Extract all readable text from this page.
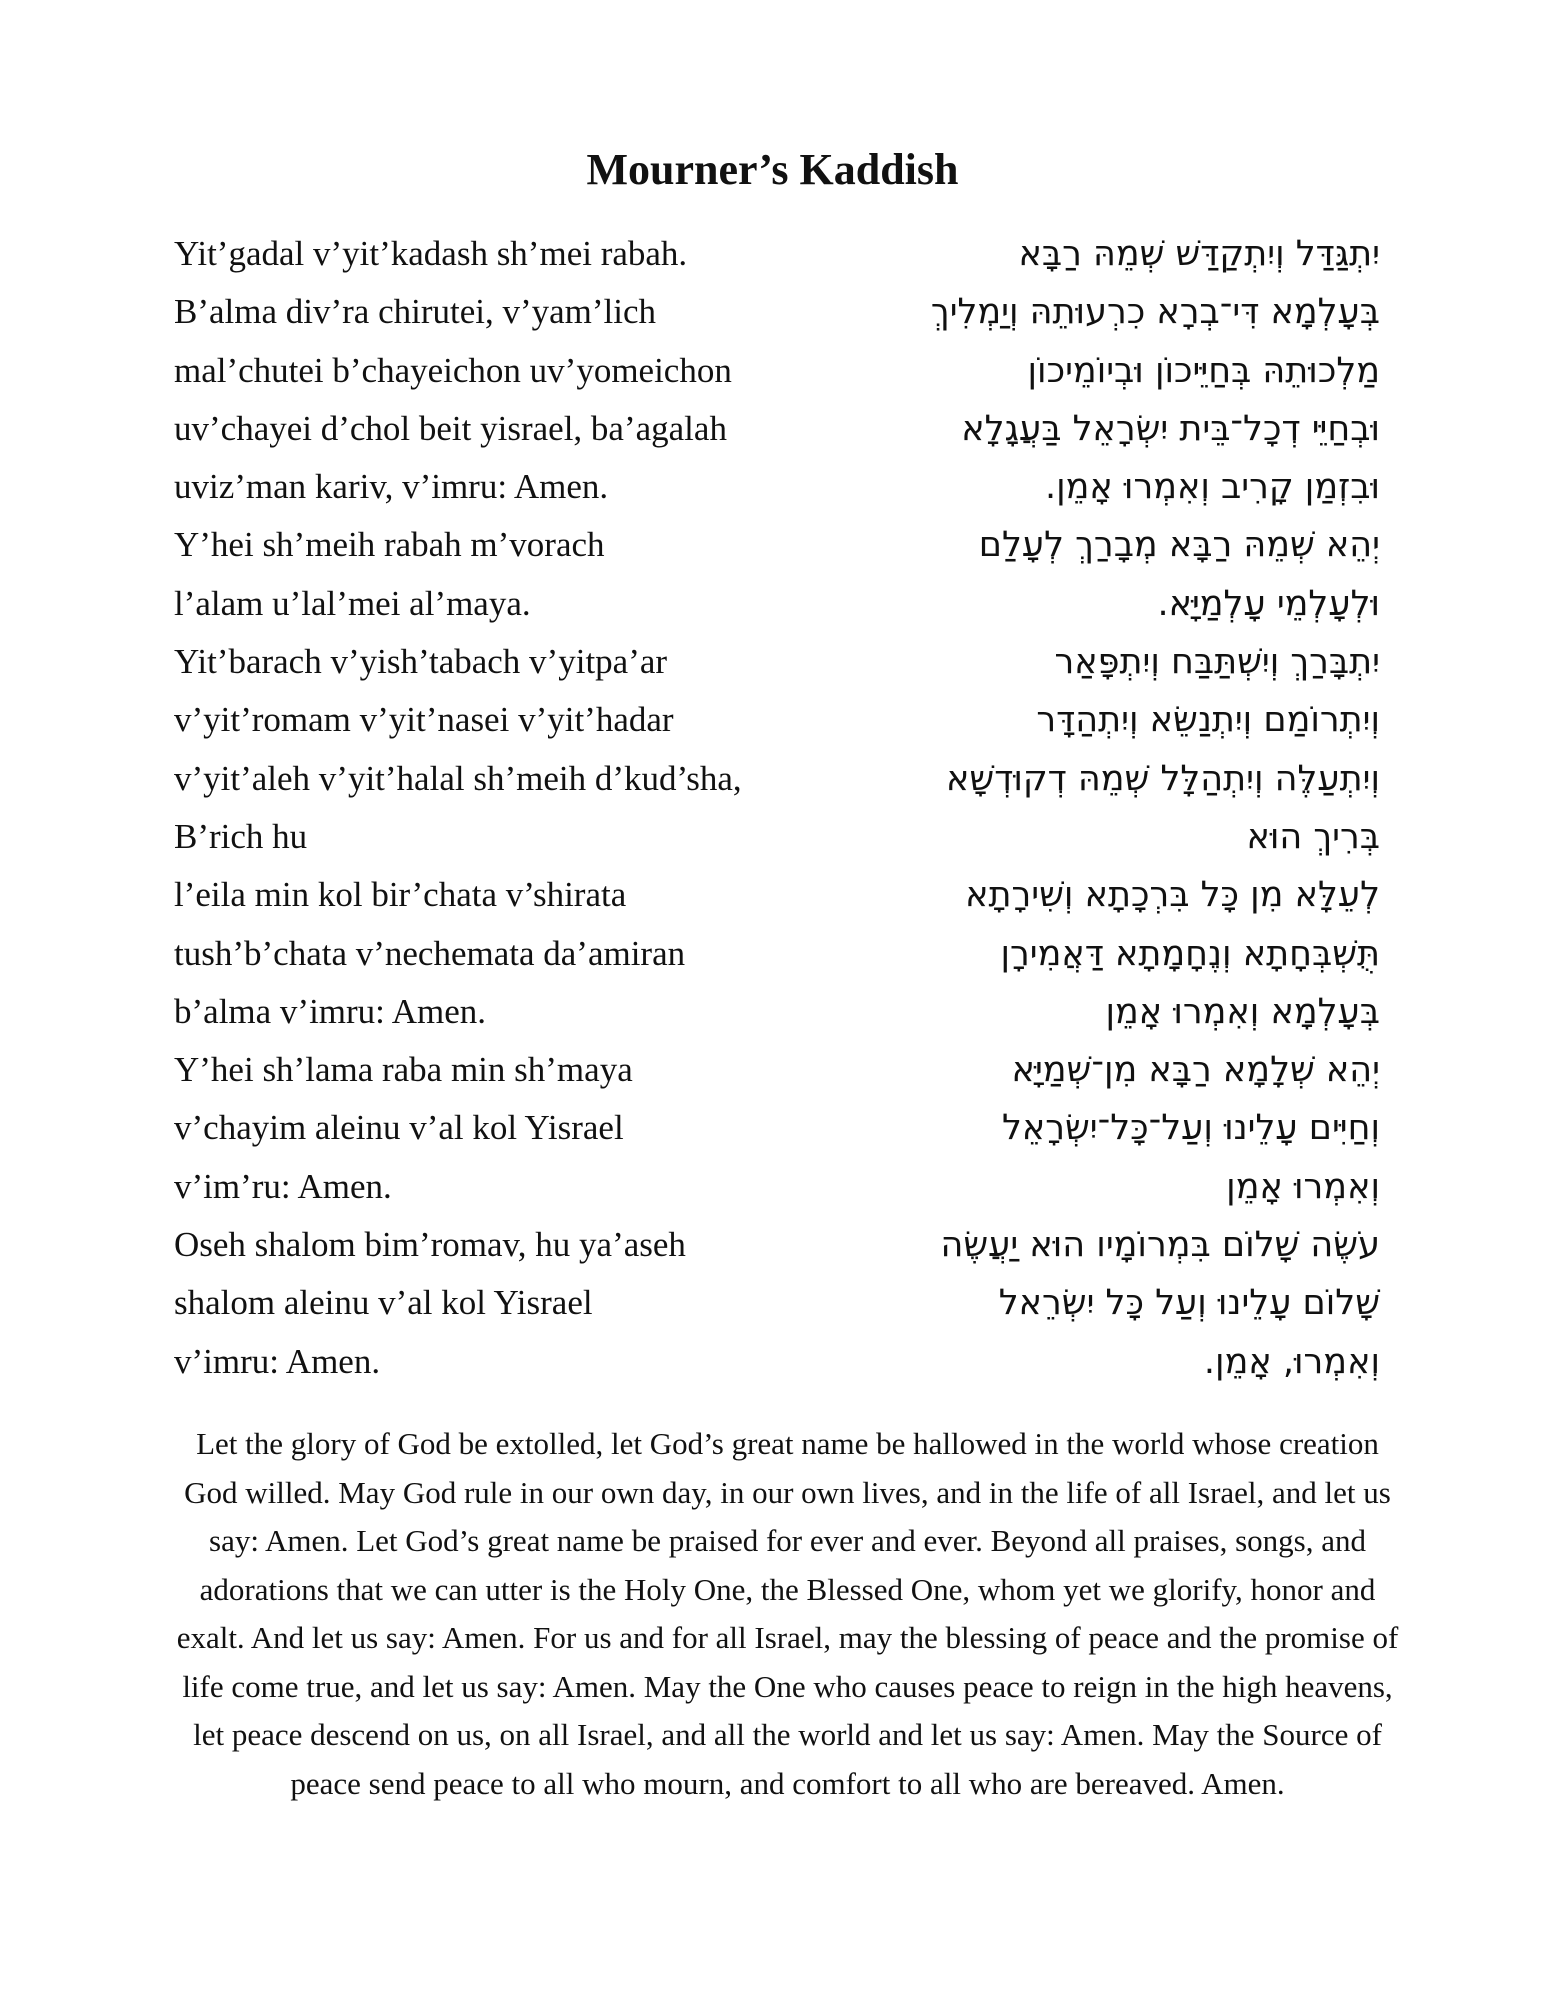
Mourner’s Kaddish
Yit’gadal v’yit’kadash sh’mei rabah.	יִתְגַּדַּל וְיִתְקַדַּשׁ שְׁמֵהּ רַבָּא
B’alma div’ra chirutei, v’yam’lich	בְּעָלְמָא דִּי־בְרָא כִרְעוּתֵהּ וְיַמְלִיךְ
mal’chutei b’chayeichon uv’yomeichon	מַלְכוּתֵהּ בְּחַיֵּיכוֹן וּבְיוֹמֵיכוֹן
uv’chayei d’chol beit yisrael, ba’agalah	וּבְחַיֵּי דְכָל־בֵּית יִשְׂרָאֵל בַּעֲגָלָא
uviz’man kariv, v’imru: Amen.	וּבִזְמַן קָרִיב וְאִמְרוּ אָמֵן.
Y’hei sh’meih rabah m’vorach	יְהֵא שְׁמֵהּ רַבָּא מְבָרַךְ לְעָלַם
l’alam u’lal’mei al’maya.	וּלְעָלְמֵי עָלְמַיָּא.
Yit’barach v’yish’tabach v’yitpa’ar	יִתְבָּרַךְ וְיִשְׁתַּבַּח וְיִתְפָּאַר
v’yit’romam v’yit’nasei v’yit’hadar	וְיִתְרוֹמַם וְיִתְנַשֵּׂא וְיִתְהַדָּר
v’yit’aleh v’yit’halal sh’meih d’kud’sha,	וְיִתְעַלֶּה וְיִתְהַלָּל שְׁמֵהּ דְקוּדְשָׁא
B’rich hu	בְּרִיךְ הוּא
l’eila min kol bir’chata v’shirata	לְעֵלָּא מִן כָּל בִּרְכָתָא וְשִׁירָתָא
tush’b’chata v’nechemata da’amiran	תֻּשְׁבְּחָתָא וְנֶחָמָתָא דַּאֲמִירָן
b’alma v’imru: Amen.	בְּעָלְמָא וְאִמְרוּ אָמֵן
Y’hei sh’lama raba min sh’maya	יְהֵא שְׁלָמָא רַבָּא מִן־שְׁמַיָּא
v’chayim aleinu v’al kol Yisrael	וְחַיִּים עָלֵינוּ וְעַל־כָּל־יִשְׂרָאֵל
v’im’ru: Amen.	וְאִמְרוּ אָמֵן
Oseh shalom bim’romav, hu ya’aseh	עֹשֶׂה שָׁלוֹם בִּמְרוֹמָיו הוּא יַעֲשֶׂה
shalom aleinu v’al kol Yisrael	שָׁלוֹם עָלֵינוּ וְעַל כָּל יִשְׂרֵאל
v’imru: Amen.	וְאִמְרוּ, אָמֵן.

Let the glory of God be extolled, let God’s great name be hallowed in the world whose creation God willed. May God rule in our own day, in our own lives, and in the life of all Israel, and let us say: Amen. Let God’s great name be praised for ever and ever. Beyond all praises, songs, and adorations that we can utter is the Holy One, the Blessed One, whom yet we glorify, honor and exalt. And let us say: Amen. For us and for all Israel, may the blessing of peace and the promise of life come true, and let us say: Amen. May the One who causes peace to reign in the high heavens, let peace descend on us, on all Israel, and all the world and let us say: Amen. May the Source of peace send peace to all who mourn, and comfort to all who are bereaved. Amen.
